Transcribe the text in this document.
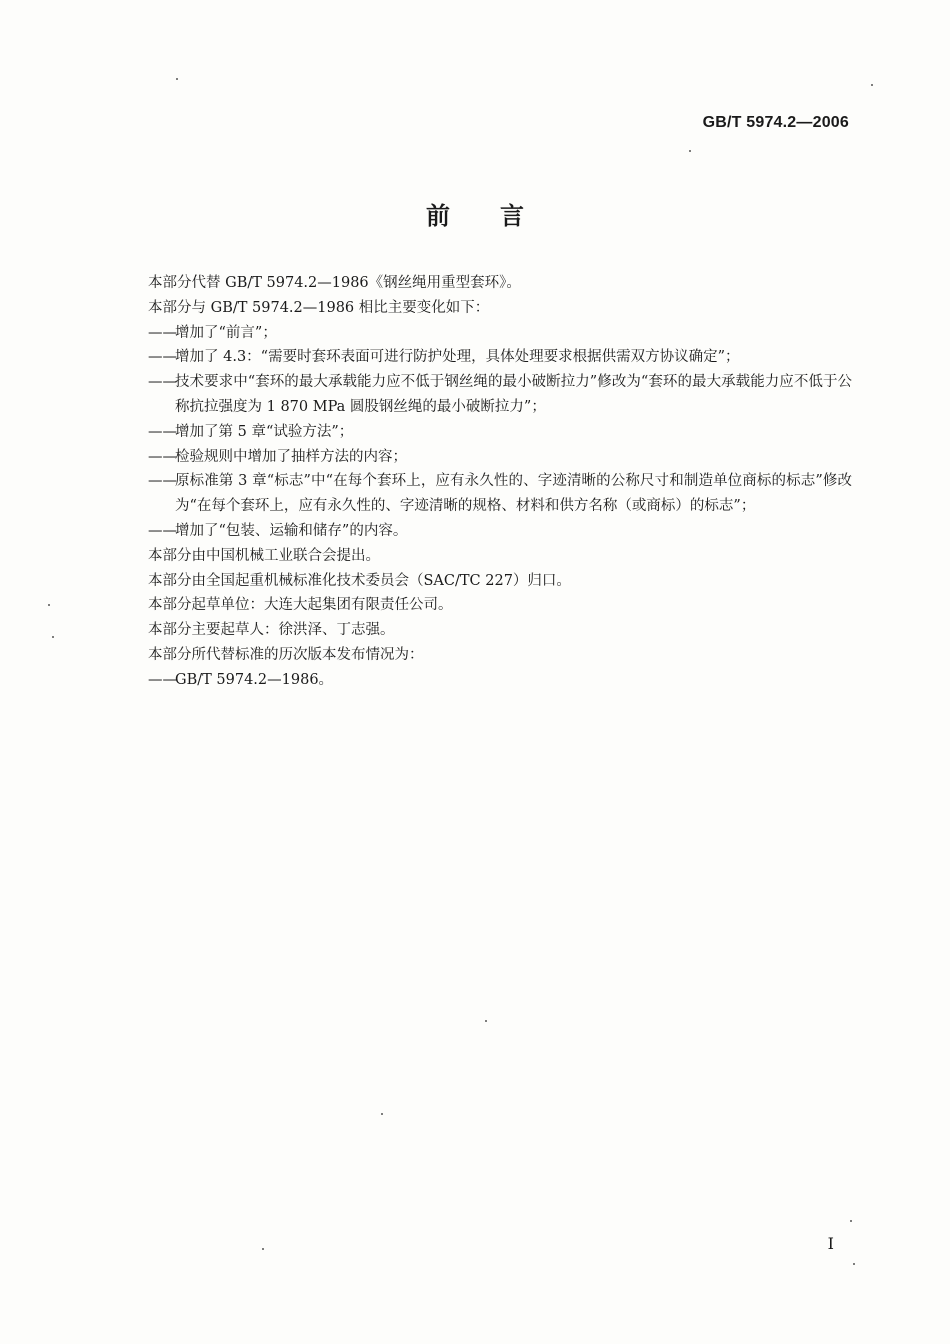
GB/T 5974.2—2006
前 言

本部分代替 GB/T 5974.2—1986《钢丝绳用重型套环》。

本部分与 GB/T 5974.2—1986 相比主要变化如下：

——
增加了“前言”；

——
增加了 4.3：“需要时套环表面可进行防护处理，具体处理要求根据供需双方协议确定”；

——
技术要求中“套环的最大承载能力应不低于钢丝绳的最小破断拉力”修改为“套环的最大承载能力应不低于公称抗拉强度为 1 870 MPa 圆股钢丝绳的最小破断拉力”；

——
增加了第 5 章“试验方法”；

——
检验规则中增加了抽样方法的内容；

——
原标准第 3 章“标志”中“在每个套环上，应有永久性的、字迹清晰的公称尺寸和制造单位商标的标志”修改为“在每个套环上，应有永久性的、字迹清晰的规格、材料和供方名称（或商标）的标志”；

——
增加了“包装、运输和储存”的内容。

本部分由中国机械工业联合会提出。

本部分由全国起重机械标准化技术委员会（SAC/TC 227）归口。

本部分起草单位：大连大起集团有限责任公司。

本部分主要起草人：徐洪泽、丁志强。

本部分所代替标准的历次版本发布情况为：

——
GB/T 5974.2—1986。

I
